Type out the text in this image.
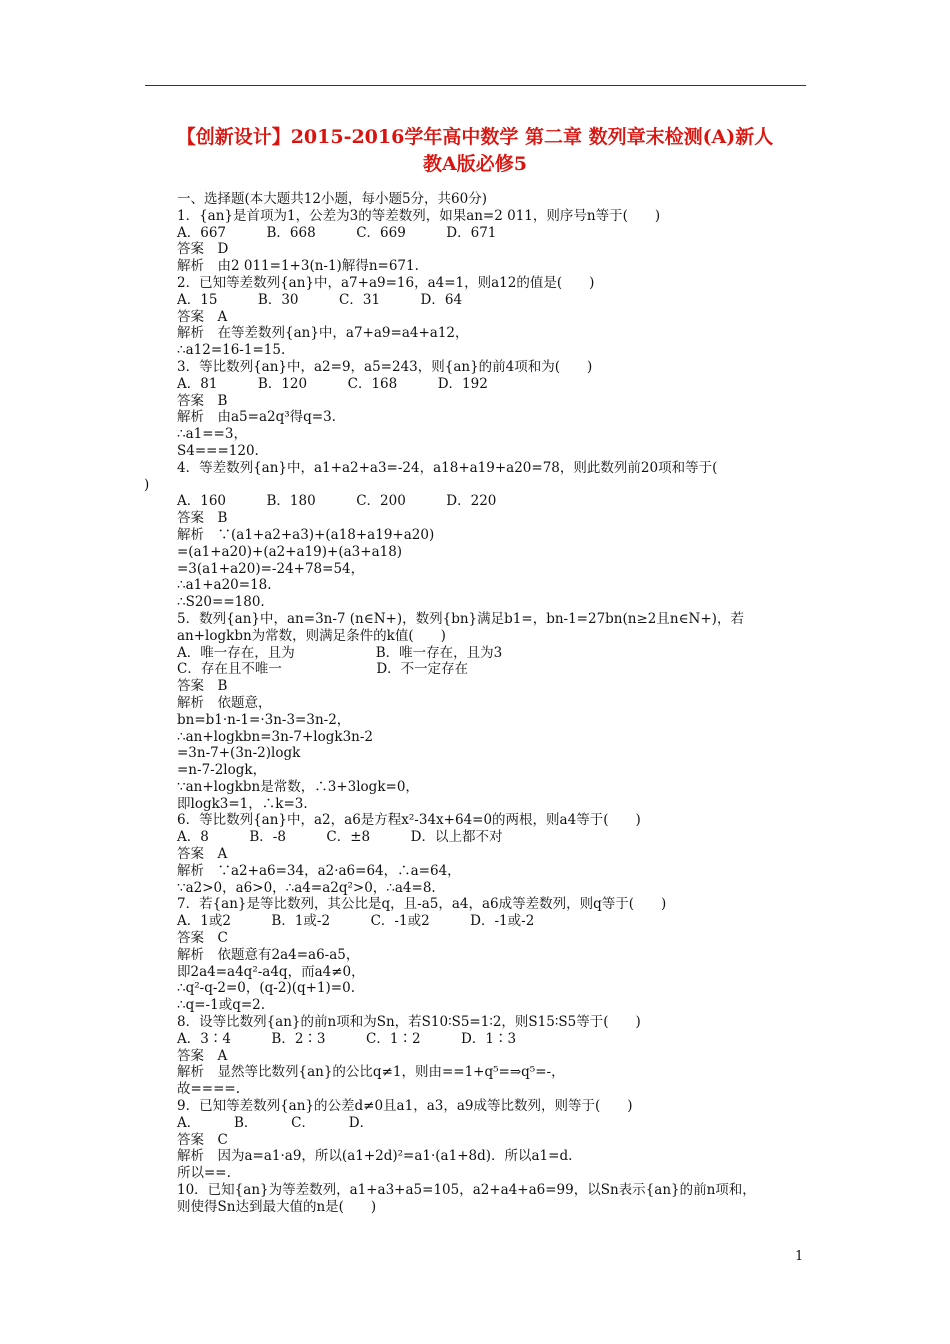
【创新设计】2015-2016学年高中数学 第二章 数列章末检测(A)新人
教A版必修5
一、选择题(本大题共12小题，每小题5分，共60分)
1．{an}是首项为1，公差为3的等差数列，如果an=2 011，则序号n等于(　　)
A．667　　　B．668　　　C．669　　　D．671
答案　D
解析　由2 011=1+3(n-1)解得n=671.
2．已知等差数列{an}中，a7+a9=16，a4=1，则a12的值是(　　)
A．15　　　B．30　　　C．31　　　D．64
答案　A
解析　在等差数列{an}中，a7+a9=a4+a12，
∴a12=16-1=15.
3．等比数列{an}中，a2=9，a5=243，则{an}的前4项和为(　　)
A．81　　　B．120　　　C．168　　　D．192
答案　B
解析　由a5=a2q³得q=3.
∴a1==3，
S4===120.
4．等差数列{an}中，a1+a2+a3=-24，a18+a19+a20=78，则此数列前20项和等于(
)
A．160　　　B．180　　　C．200　　　D．220
答案　B
解析　∵(a1+a2+a3)+(a18+a19+a20)
=(a1+a20)+(a2+a19)+(a3+a18)
=3(a1+a20)=-24+78=54，
∴a1+a20=18.
∴S20==180.
5．数列{an}中，an=3n-7 (n∈N+)，数列{bn}满足b1=，bn-1=27bn(n≥2且n∈N+)，若
an+logkbn为常数，则满足条件的k值(　　)
A．唯一存在，且为　　　　　　B．唯一存在，且为3
C．存在且不唯一　　　　　　　D．不一定存在
答案　B
解析　依题意，
bn=b1·n-1=·3n-3=3n-2，
∴an+logkbn=3n-7+logk3n-2
=3n-7+(3n-2)logk
=n-7-2logk，
∵an+logkbn是常数，∴3+3logk=0，
即logk3=1，∴k=3.
6．等比数列{an}中，a2，a6是方程x²-34x+64=0的两根，则a4等于(　　)
A．8　　　B．-8　　　C．±8　　　D．以上都不对
答案　A
解析　∵a2+a6=34，a2·a6=64，∴a=64，
∵a2>0，a6>0，∴a4=a2q²>0，∴a4=8.
7．若{an}是等比数列，其公比是q，且-a5，a4，a6成等差数列，则q等于(　　)
A．1或2　　　B．1或-2　　　C．-1或2　　　D．-1或-2
答案　C
解析　依题意有2a4=a6-a5，
即2a4=a4q²-a4q，而a4≠0，
∴q²-q-2=0，(q-2)(q+1)=0.
∴q=-1或q=2.
8．设等比数列{an}的前n项和为Sn，若S10∶S5=1∶2，则S15∶S5等于(　　)
A．3∶4　　　B．2∶3　　　C．1∶2　　　D．1∶3
答案　A
解析　显然等比数列{an}的公比q≠1，则由==1+q⁵=⇒q⁵=-，
故====.
9．已知等差数列{an}的公差d≠0且a1，a3，a9成等比数列，则等于(　　)
A．　　　B．　　　C．　　　D．
答案　C
解析　因为a=a1·a9，所以(a1+2d)²=a1·(a1+8d)．所以a1=d.
所以==.
10．已知{an}为等差数列，a1+a3+a5=105，a2+a4+a6=99，以Sn表示{an}的前n项和，
则使得Sn达到最大值的n是(　　)
1
